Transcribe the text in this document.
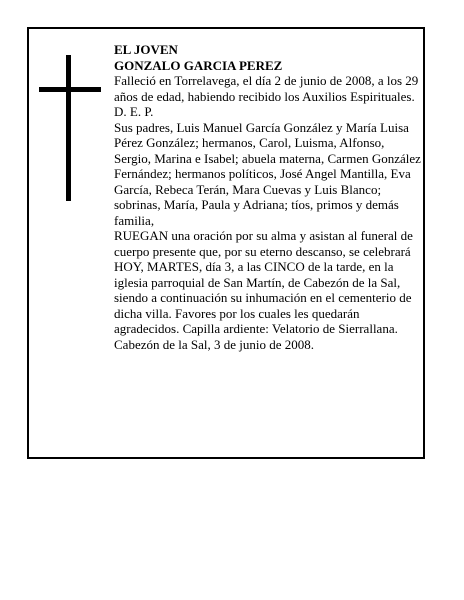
EL JOVEN

GONZALO GARCIA PEREZ

Falleció en Torrelavega, el día 2 de junio de 2008, a los 29 años de edad, habiendo recibido los Auxilios Espirituales.

D. E. P.

Sus padres, Luis Manuel García González y María Luisa Pérez González; hermanos, Carol, Luisma, Alfonso, Sergio, Marina e Isabel; abuela materna, Carmen González Fernández; hermanos políticos, José Angel Mantilla, Eva García, Rebeca Terán, Mara Cuevas y Luis Blanco; sobrinas, María, Paula y Adriana; tíos, primos y demás familia,

RUEGAN una oración por su alma y asistan al funeral de cuerpo presente que, por su eterno descanso, se celebrará HOY, MARTES, día 3, a las CINCO de la tarde, en la iglesia parroquial de San Martín, de Cabezón de la Sal, siendo a continuación su inhumación en el cementerio de dicha villa. Favores por los cuales les quedarán agradecidos. Capilla ardiente: Velatorio de Sierrallana.

Cabezón de la Sal, 3 de junio de 2008.
